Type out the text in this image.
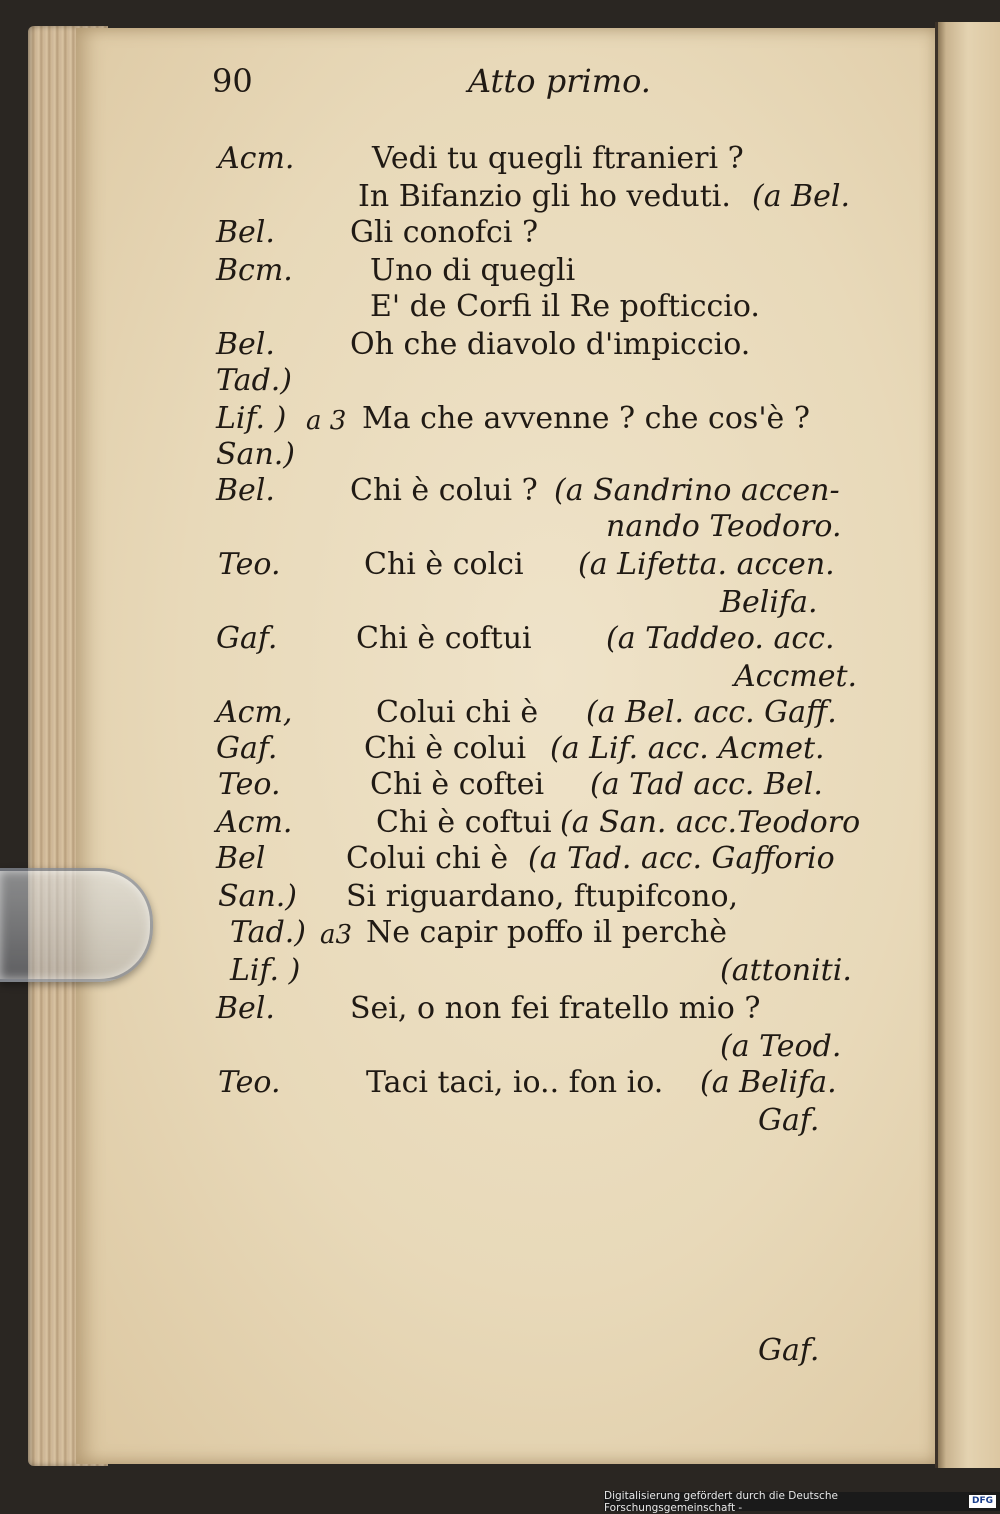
90	Atto primo.
Acm.	Vedi tu quegli ftranieri ?
In Bifanzio gli ho veduti. (a Bel.
Bel.	Gli conofci ?
Bcm.	Uno di quegli
E' de Corfi il Re pofticcio.
Bel.	Oh che diavolo d'impiccio.
Tad.)
Lif. ) a 3 Ma che avvenne ? che cos'è ?
San.)
Bel.	Chi è colui ? (a Sandrino accen-
nando Teodoro.
Teo.	Chi è colci (a Lifetta. accen.
Belifa.
Gaf.	Chi è coftui (a Taddeo. acc.
Accmet.
Acm,	Colui chi è (a Bel. acc. Gaff.
Gaf.	Chi è colui (a Lif. acc. Acmet.
Teo.	Chi è coftei (a Tad acc. Bel.
Acm.	Chi è coftui (a San. acc.Teodoro
Bel	Colui chi è (a Tad. acc. Gafforio
San.) Si riguardano, ftupifcono,
Tad.) a3 Ne capir poffo il perchè
Lif. )	(attoniti.
Bel.	Sei, o non fei fratello mio ?
(a Teod.
Teo.	Taci taci, io.. fon io. (a Belifa.
Gaf.
Gaf.
Digitalisierung gefördert durch die Deutsche Forschungsgemeinschaft -
DFG
